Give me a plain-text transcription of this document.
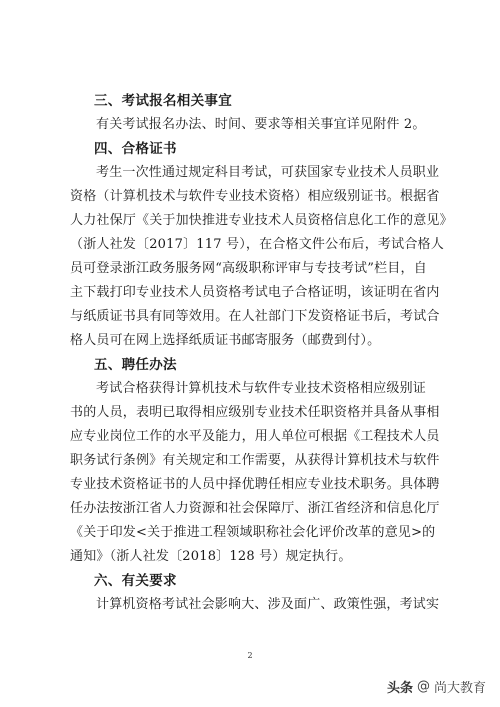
三、考试报名相关事宜

有关考试报名办法、时间、要求等相关事宜详见附件 2。

四、合格证书

考生一次性通过规定科目考试，可获国家专业技术人员职业
资格（计算机技术与软件专业技术资格）相应级别证书。根据省
人力社保厅《关于加快推进专业技术人员资格信息化工作的意见》
（浙人社发〔2017〕117 号），在合格文件公布后，考试合格人
员可登录浙江政务服务网“高级职称评审与专技考试”栏目，自
主下载打印专业技术人员资格考试电子合格证明，该证明在省内
与纸质证书具有同等效用。在人社部门下发资格证书后，考试合
格人员可在网上选择纸质证书邮寄服务（邮费到付）。

五、聘任办法

考试合格获得计算机技术与软件专业技术资格相应级别证
书的人员，表明已取得相应级别专业技术任职资格并具备从事相
应专业岗位工作的水平及能力，用人单位可根据《工程技术人员
职务试行条例》有关规定和工作需要，从获得计算机技术与软件
专业技术资格证书的人员中择优聘任相应专业技术职务。具体聘
任办法按浙江省人力资源和社会保障厅、浙江省经济和信息化厅
《关于印发<关于推进工程领域职称社会化评价改革的意见>的
通知》（浙人社发〔2018〕128 号）规定执行。

六、有关要求

计算机资格考试社会影响大、涉及面广、政策性强，考试实

2
头条 @ 尚大教育
